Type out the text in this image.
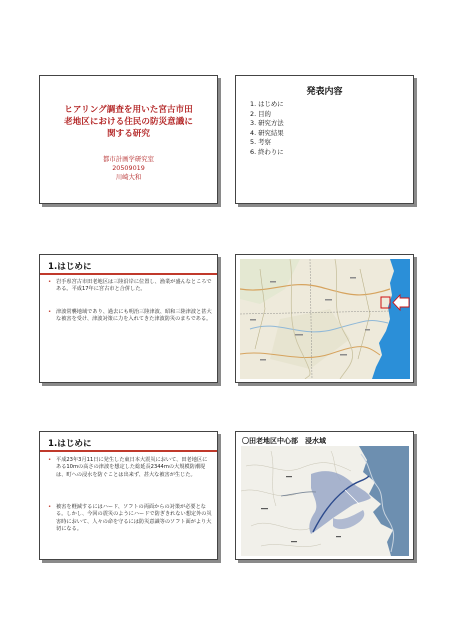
ヒアリング調査を用いた宮古市田
老地区における住民の防災意識に
関する研究
都市計画学研究室
20509019
川崎大和
発表内容
1. はじめに
2. 目的
3. 研究方法
4. 研究結果
5. 考察
6. 終わりに
1.はじめに
• 岩手県宮古市田老地区は三陸沿岸に位置し、漁業が盛んなところである。平成17年に宮古市と合併した。
• 津波常襲地域であり、過去にも明治三陸津波、昭和三陸津波と甚大な被害を受け、津波対策に力を入れてきた津波防災のまちである。
1.はじめに
• 平成23年3月11日に発生した東日本大震災において、田老地区にある10mの高さの津波を想定した総延長2344mの大規模防潮堤は、町への浸水を防ぐことは出来ず、甚大な被害が生じた。
• 被害を軽減するにはハード、ソフトの両面からの対策が必要となる。しかし、今回の震災のようにハードで防ぎきれない想定外の災害時において、人々の命を守るには防災意識等のソフト面がより大切になる。
〇田老地区中心部　浸水域
